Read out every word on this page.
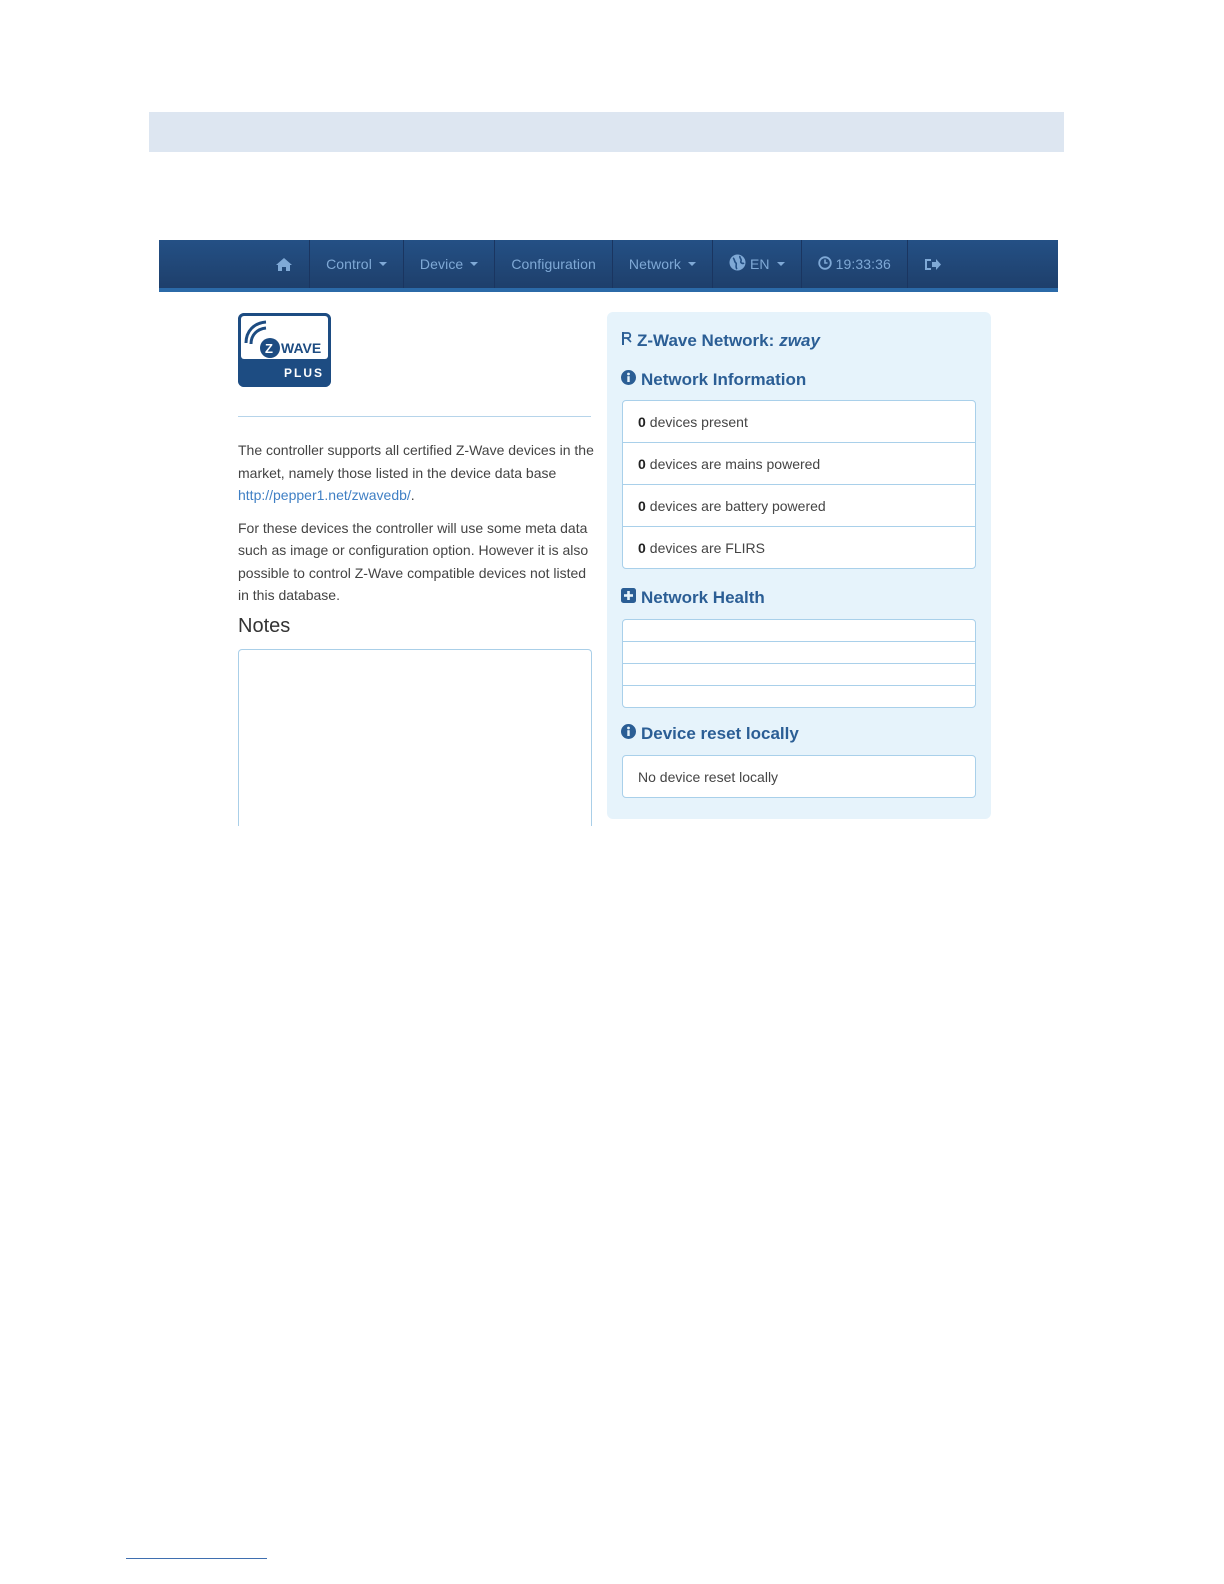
Control	Device	Configuration Network	EN	19:33:36
Z WAVE
PLUS

The controller supports all certified Z-Wave devices in the market, namely those listed in the device data base http://pepper1.net/zwavedb/.

For these devices the controller will use some meta data such as image or configuration option. However it is also possible to control Z-Wave compatible devices not listed in this database.

Notes
Z-Wave Network: zway
Network Information
0 devices present
0 devices are mains powered
0 devices are battery powered
0 devices are FLIRS
Network Health
Device reset locally
No device reset locally
